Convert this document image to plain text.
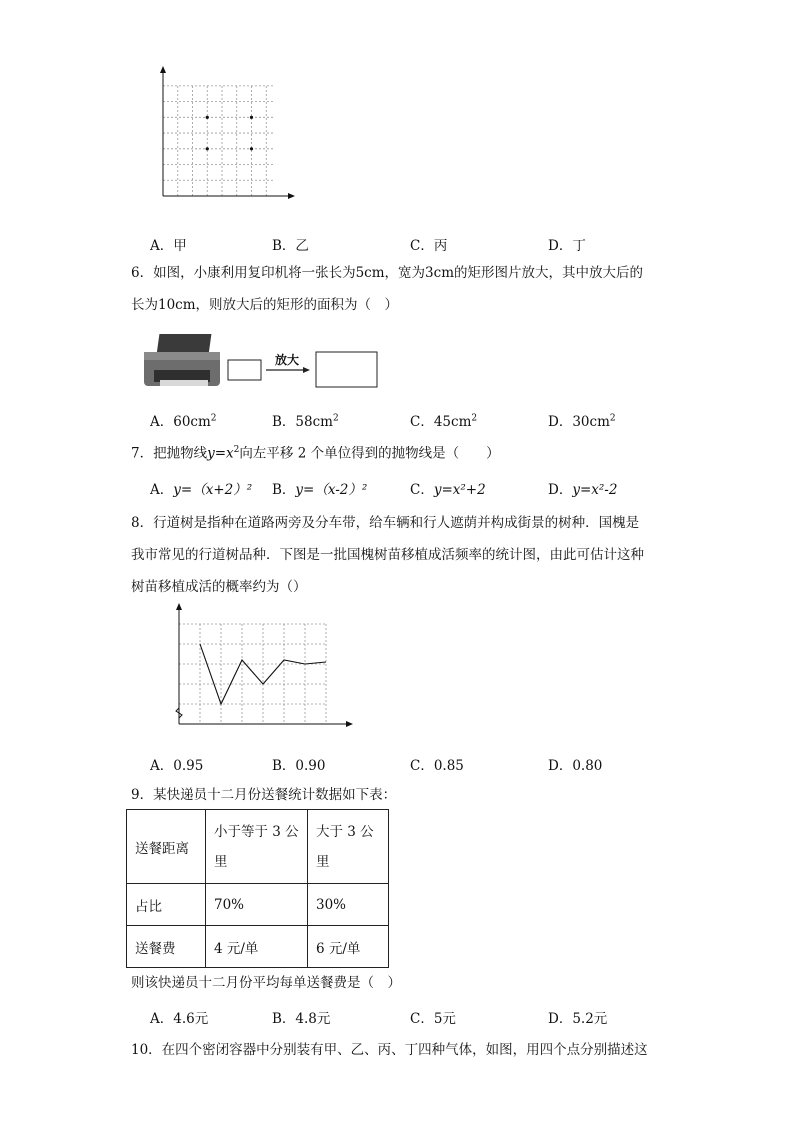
A．甲	B．乙	C．丙	D．丁
6．如图，小康利用复印机将一张长为5cm，宽为3cm的矩形图片放大，其中放大后的
长为10cm，则放大后的矩形的面积为（　）
放大
A．$60cm^2$	B．$58cm^2$	C．$45cm^2$	D．$30cm^2$
7．把抛物线$y=x^2$向左平移 2 个单位得到的抛物线是（　　）
A．y=（x+2）² B．y=（x-2）²	C．y=x²+2	D．y=x²-2
8．行道树是指种在道路两旁及分车带，给车辆和行人遮荫并构成街景的树种．国槐是
我市常见的行道树品种．下图是一批国槐树苗移植成活频率的统计图，由此可估计这种
树苗移植成活的概率约为（）
A．0.95	B．0.90	C．0.85	D．0.80
9．某快递员十二月份送餐统计数据如下表：
送餐距离	小于等于 3 公里	大于 3 公里
占比	70%	30%
送餐费	4 元/单	6 元/单
则该快递员十二月份平均每单送餐费是（　）
A．4.6元	B．4.8元	C．5元	D．5.2元
10．在四个密闭容器中分别装有甲、乙、丙、丁四种气体，如图，用四个点分别描述这
